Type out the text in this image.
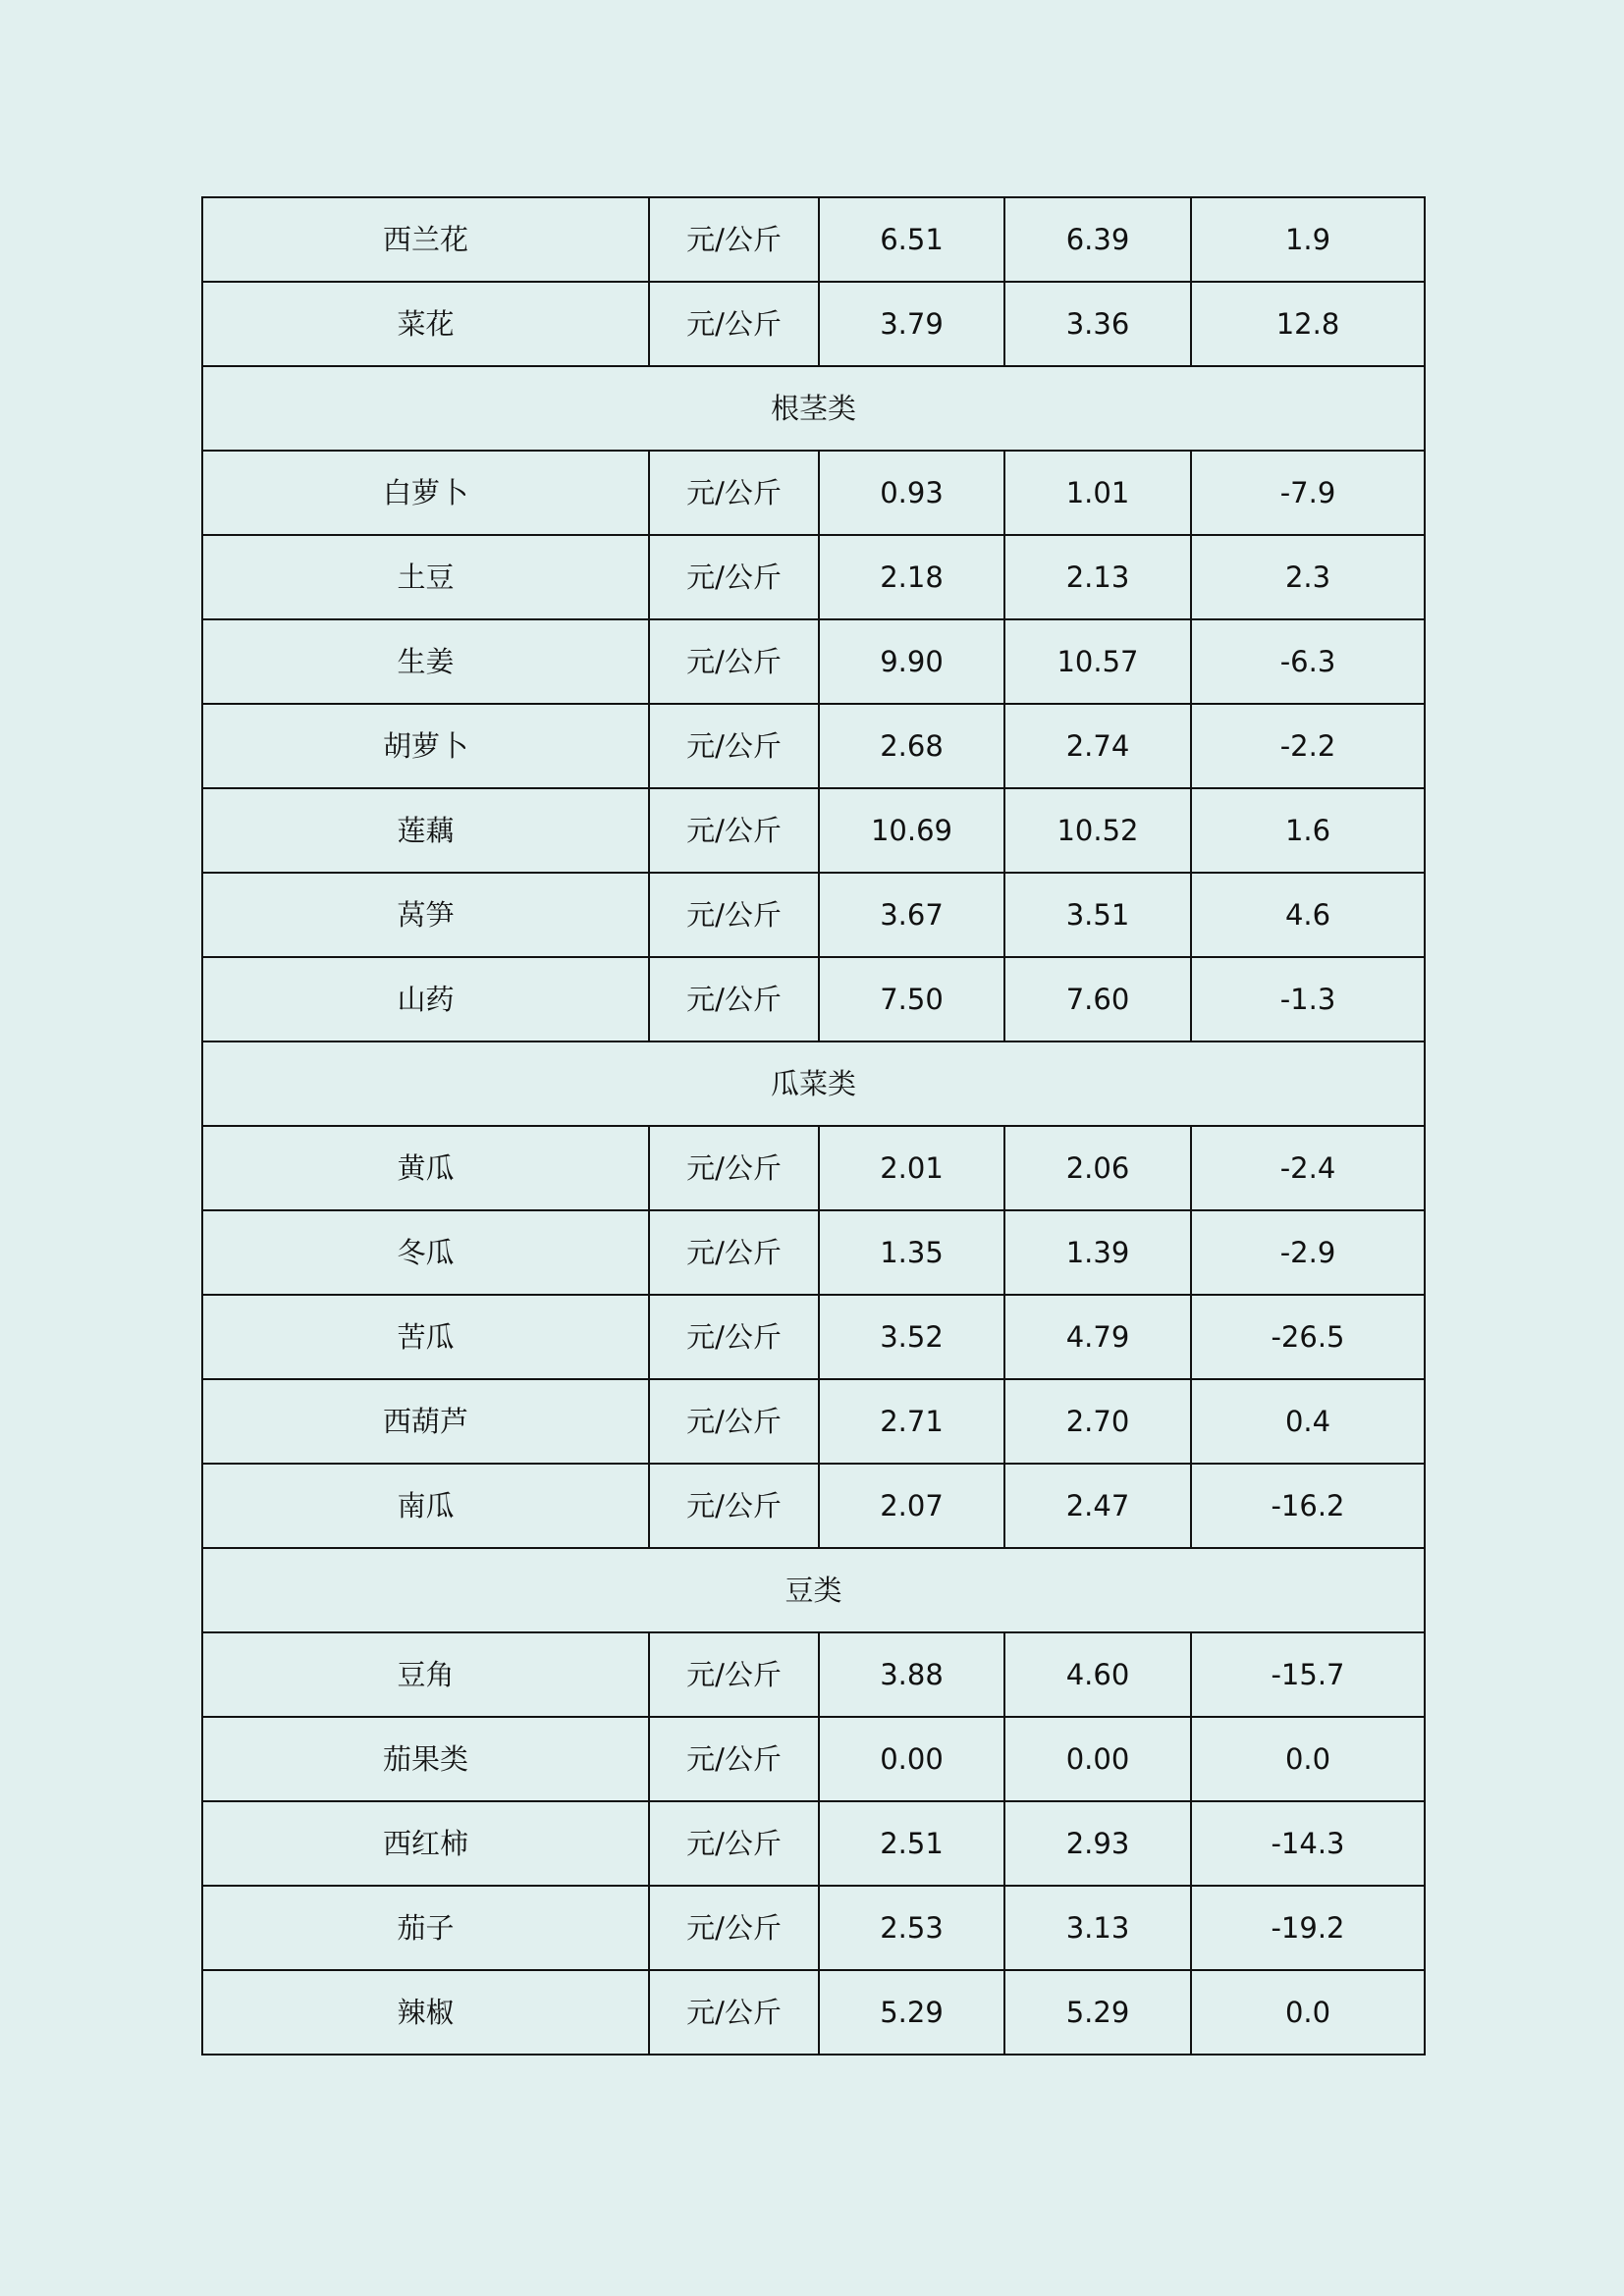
西兰花	元/公斤	6.51	6.39	1.9
菜花	元/公斤	3.79	3.36	12.8
根茎类				
白萝卜	元/公斤	0.93	1.01	-7.9
土豆	元/公斤	2.18	2.13	2.3
生姜	元/公斤	9.90	10.57	-6.3
胡萝卜	元/公斤	2.68	2.74	-2.2
莲藕	元/公斤	10.69	10.52	1.6
莴笋	元/公斤	3.67	3.51	4.6
山药	元/公斤	7.50	7.60	-1.3
瓜菜类				
黄瓜	元/公斤	2.01	2.06	-2.4
冬瓜	元/公斤	1.35	1.39	-2.9
苦瓜	元/公斤	3.52	4.79	-26.5
西葫芦	元/公斤	2.71	2.70	0.4
南瓜	元/公斤	2.07	2.47	-16.2
豆类				
豆角	元/公斤	3.88	4.60	-15.7
茄果类	元/公斤	0.00	0.00	0.0
西红柿	元/公斤	2.51	2.93	-14.3
茄子	元/公斤	2.53	3.13	-19.2
辣椒	元/公斤	5.29	5.29	0.0
